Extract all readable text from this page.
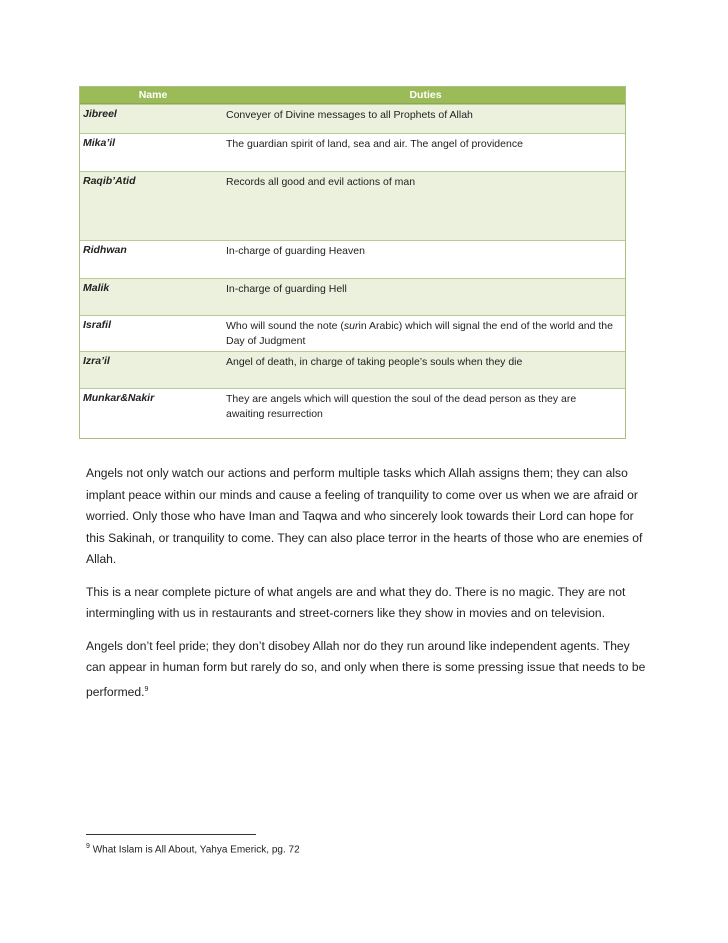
Name	Duties
Jibreel	Conveyer of Divine messages to all Prophets of Allah
Mika’il	The guardian spirit of land, sea and air. The angel of providence
Raqib’Atid	Records all good and evil actions of man
Ridhwan	In-charge of guarding Heaven
Malik	In-charge of guarding Hell
Israfil	Who will sound the note (surin Arabic) which will signal the end of the world and the Day of Judgment
Izra’il	Angel of death, in charge of taking people’s souls when they die
Munkar&Nakir	They are angels which will question the soul of the dead person as they are awaiting resurrection

Angels not only watch our actions and perform multiple tasks which Allah assigns them; they can also implant peace within our minds and cause a feeling of tranquility to come over us when we are afraid or worried. Only those who have Iman and Taqwa and who sincerely look towards their Lord can hope for this Sakinah, or tranquility to come. They can also place terror in the hearts of those who are enemies of Allah.

This is a near complete picture of what angels are and what they do. There is no magic. They are not intermingling with us in restaurants and street-corners like they show in movies and on television.

Angels don’t feel pride; they don’t disobey Allah nor do they run around like independent agents. They can appear in human form but rarely do so, and only when there is some pressing issue that needs to be performed.$^9$

$^9$ What Islam is All About, Yahya Emerick, pg. 72
